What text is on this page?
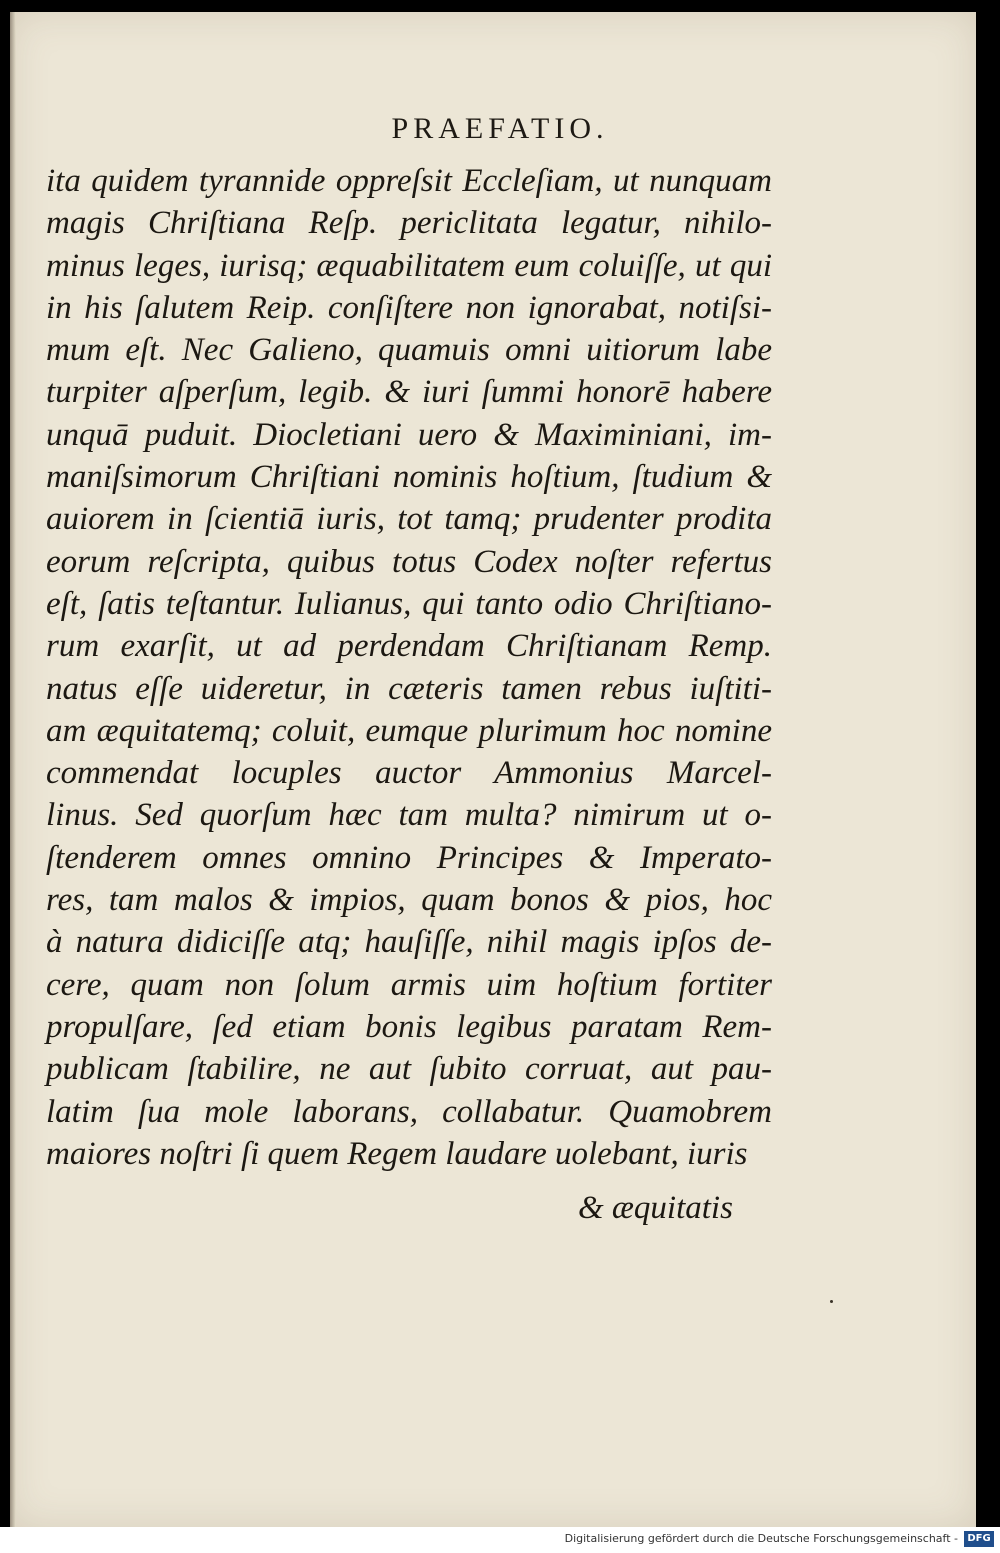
PRAEFATIO.
ita quidem tyrannide oppreſsit Eccleſiam, ut nunquam
magis Chriſtiana Reſp. periclitata legatur, nihilo-
minus leges, iurisq; æquabilitatem eum coluiſſe, ut qui
in his ſalutem Reip. conſiſtere non ignorabat, notiſsi-
mum eſt. Nec Galieno, quamuis omni uitiorum labe
turpiter aſperſum, legib. & iuri ſummi honorē habere
unquā puduit. Diocletiani uero & Maximiniani, im-
maniſsimorum Chriſtiani nominis hoſtium, ſtudium &
auiorem in ſcientiā iuris, tot tamq; prudenter prodita
eorum reſcripta, quibus totus Codex noſter refertus
eſt, ſatis teſtantur. Iulianus, qui tanto odio Chriſtiano-
rum exarſit, ut ad perdendam Chriſtianam Remp.
natus eſſe uideretur, in cæteris tamen rebus iuſtiti-
am æquitatemq; coluit, eumque plurimum hoc nomine
commendat locuples auctor Ammonius Marcel-
linus. Sed quorſum hæc tam multa? nimirum ut o-
ſtenderem omnes omnino Principes & Imperato-
res, tam malos & impios, quam bonos & pios, hoc
à natura didiciſſe atq; hauſiſſe, nihil magis ipſos de-
cere, quam non ſolum armis uim hoſtium fortiter
propulſare, ſed etiam bonis legibus paratam Rem-
publicam ſtabilire, ne aut ſubito corruat, aut pau-
latim ſua mole laborans, collabatur. Quamobrem
maiores noſtri ſi quem Regem laudare uolebant, iuris
& æquitatis
Digitalisierung gefördert durch die Deutsche Forschungsgemeinschaft - DFG
